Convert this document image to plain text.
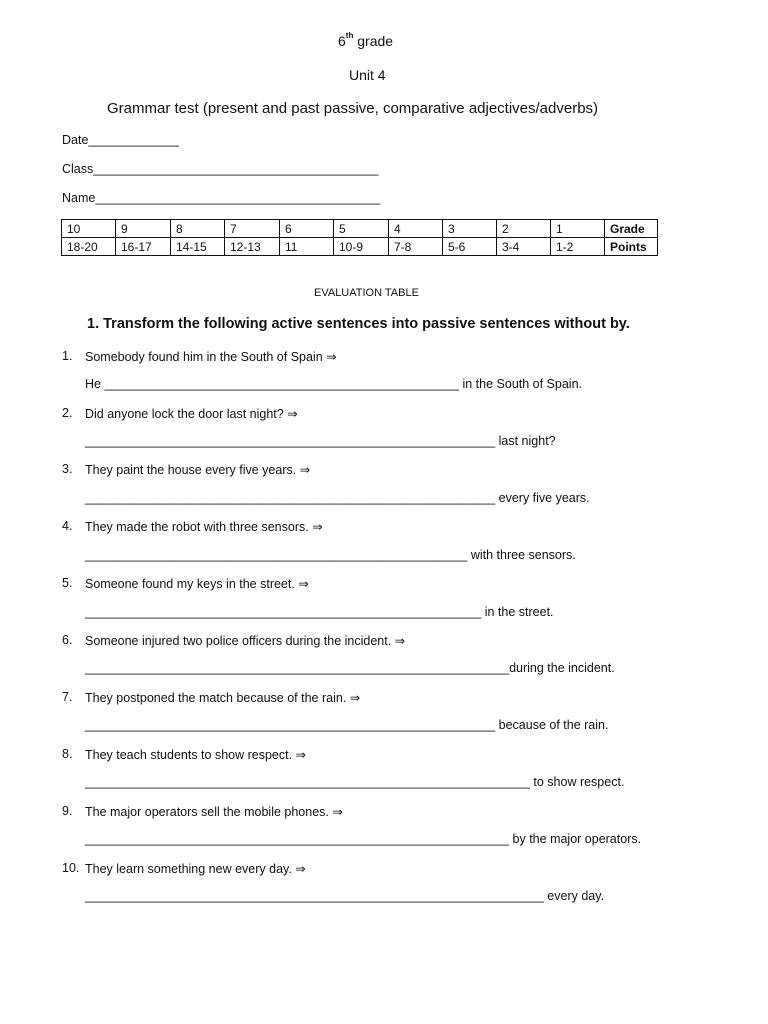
6th grade
Unit 4
Grammar test (present and past passive, comparative adjectives/adverbs)
Date_____________
Class_________________________________________
Name_________________________________________
10	9	8	7	6	5	4	3	2	1	Grade
18-20	16-17	14-15	12-13	11	10-9	7-8	5-6	3-4	1-2	Points
EVALUATION TABLE
1. Transform the following active sentences into passive sentences without by.
1. Somebody found him in the South of Spain ⇒
He ___________________________________________________ in the South of Spain.
2. Did anyone lock the door last night? ⇒
___________________________________________________________ last night?
3. They paint the house every five years. ⇒
___________________________________________________________ every five years.
4. They made the robot with three sensors. ⇒
_______________________________________________________ with three sensors.
5. Someone found my keys in the street. ⇒
_________________________________________________________ in the street.
6. Someone injured two police officers during the incident. ⇒
_____________________________________________________________during the incident.
7. They postponed the match because of the rain. ⇒
___________________________________________________________ because of the rain.
8. They teach students to show respect. ⇒
________________________________________________________________ to show respect.
9. The major operators sell the mobile phones. ⇒
_____________________________________________________________ by the major operators.
10. They learn something new every day. ⇒
__________________________________________________________________ every day.
